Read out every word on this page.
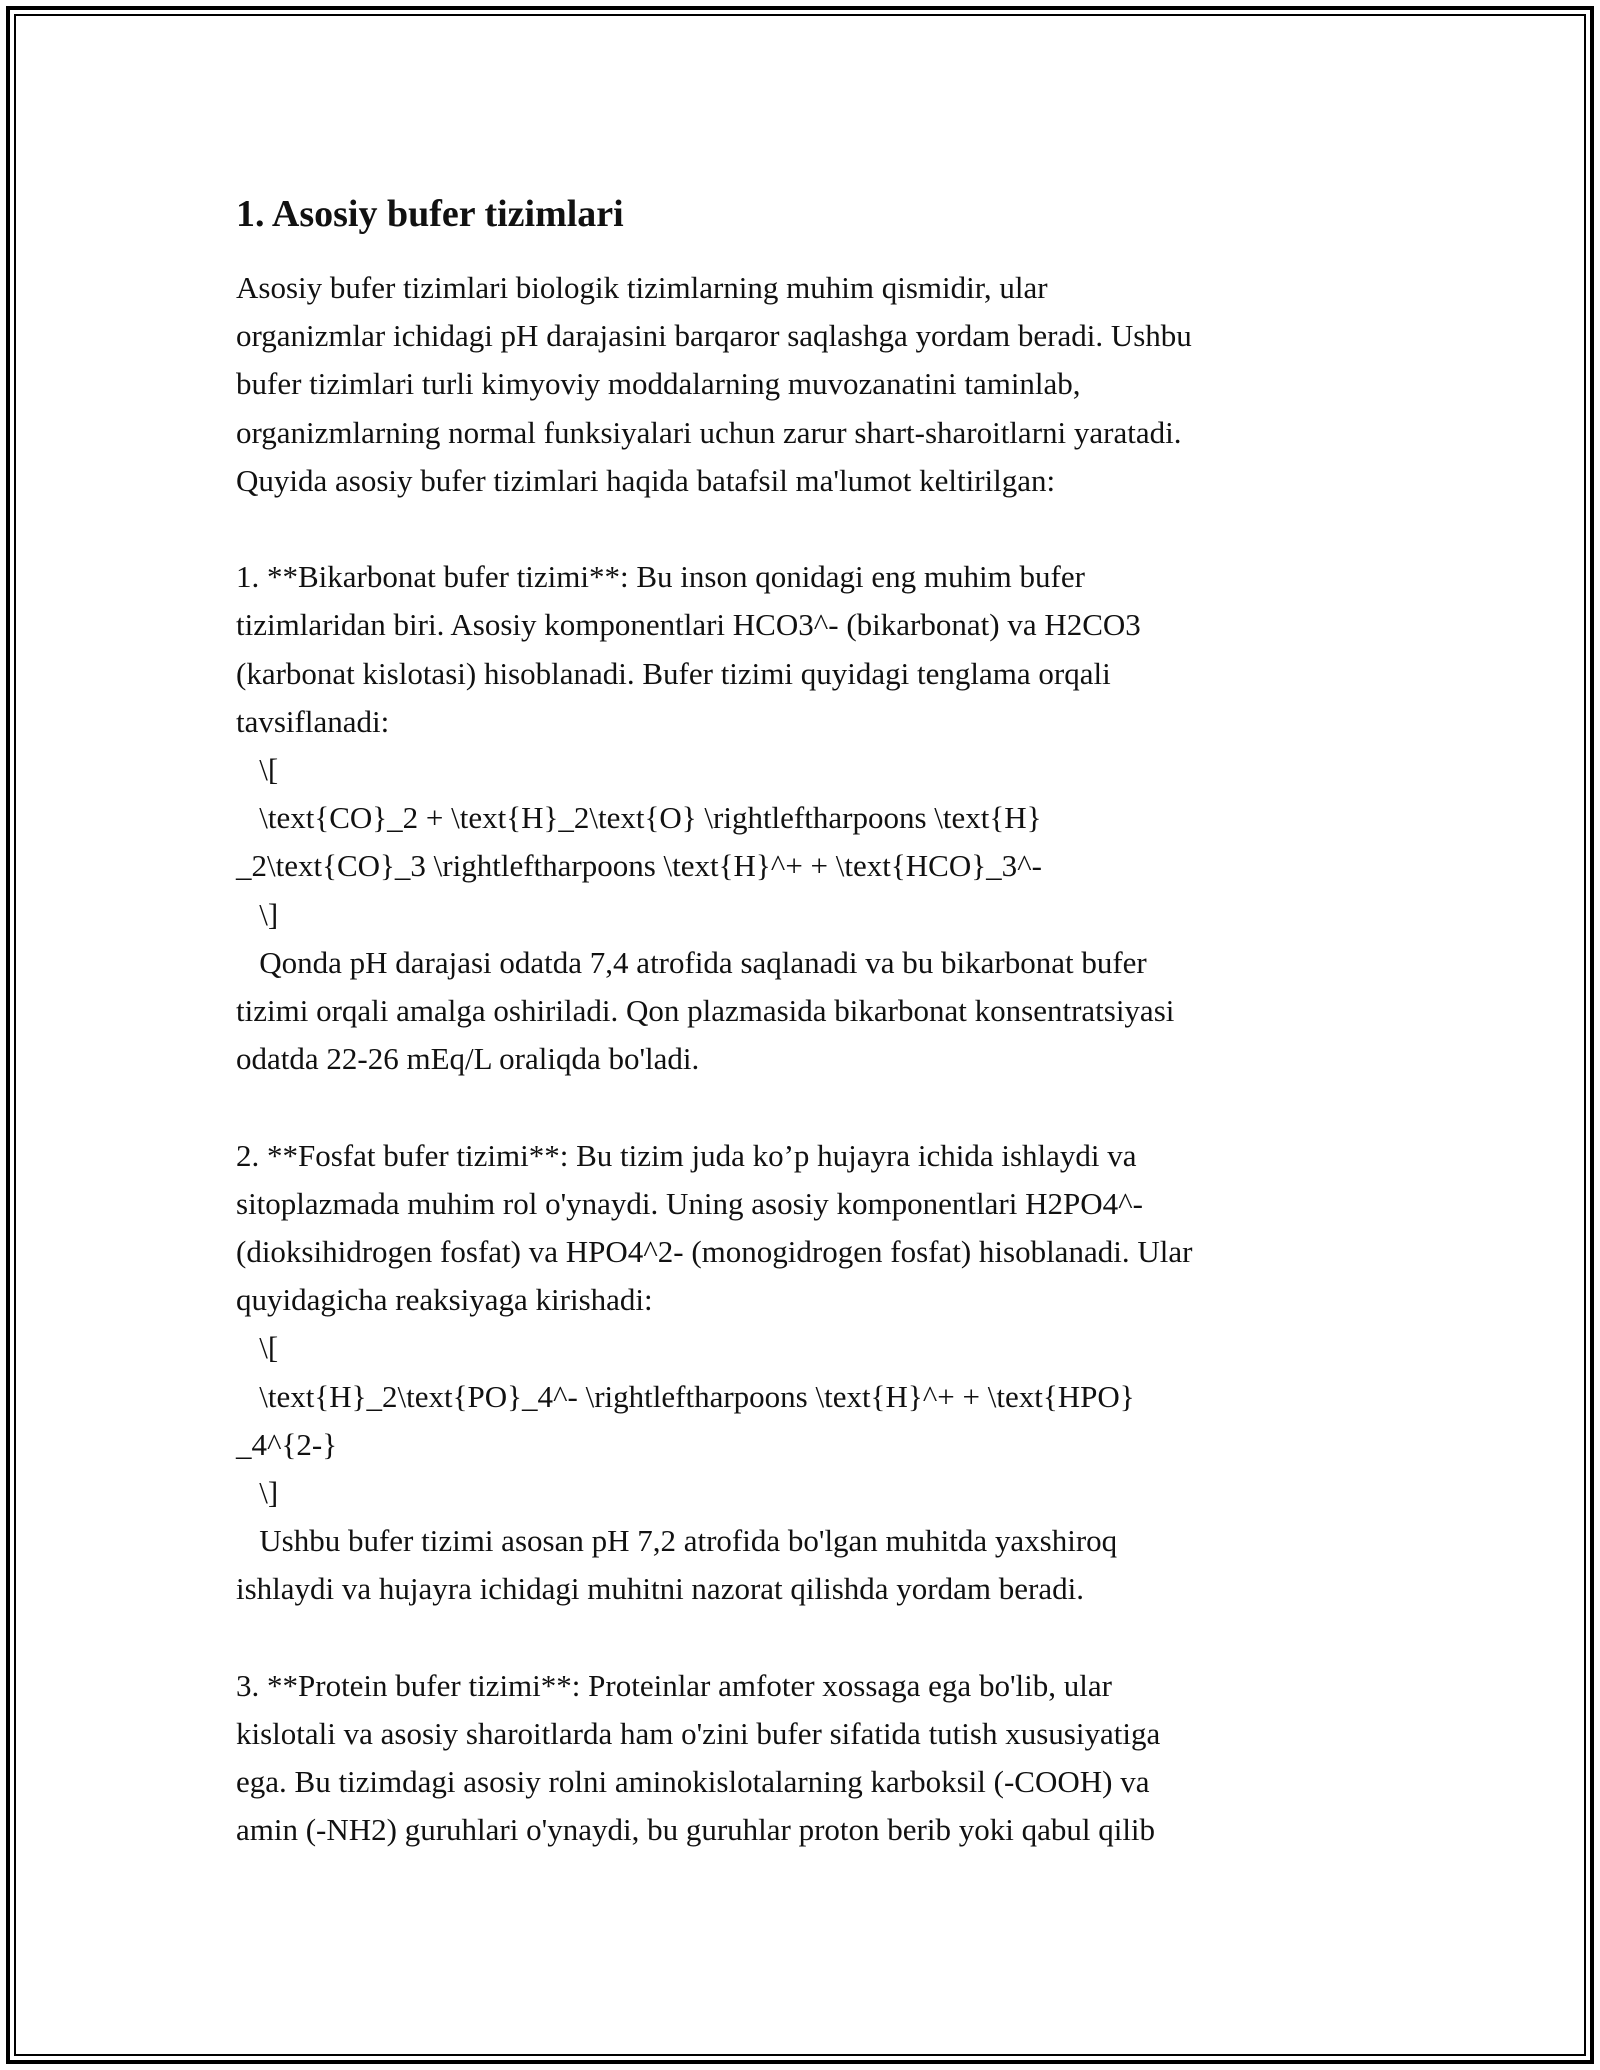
1. Asosiy bufer tizimlari
Asosiy bufer tizimlari biologik tizimlarning muhim qismidir, ular
organizmlar ichidagi pH darajasini barqaror saqlashga yordam beradi. Ushbu
bufer tizimlari turli kimyoviy moddalarning muvozanatini taminlab,
organizmlarning normal funksiyalari uchun zarur shart-sharoitlarni yaratadi.
Quyida asosiy bufer tizimlari haqida batafsil ma'lumot keltirilgan:
1. **Bikarbonat bufer tizimi**: Bu inson qonidagi eng muhim bufer
tizimlaridan biri. Asosiy komponentlari HCO3^- (bikarbonat) va H2CO3
(karbonat kislotasi) hisoblanadi. Bufer tizimi quyidagi tenglama orqali
tavsiflanadi:
\[
\text{CO}_2 + \text{H}_2\text{O} \rightleftharpoons \text{H}
_2\text{CO}_3 \rightleftharpoons \text{H}^+ + \text{HCO}_3^-
\]
Qonda pH darajasi odatda 7,4 atrofida saqlanadi va bu bikarbonat bufer
tizimi orqali amalga oshiriladi. Qon plazmasida bikarbonat konsentratsiyasi
odatda 22-26 mEq/L oraliqda bo'ladi.
2. **Fosfat bufer tizimi**: Bu tizim juda ko’p hujayra ichida ishlaydi va
sitoplazmada muhim rol o'ynaydi. Uning asosiy komponentlari H2PO4^-
(dioksihidrogen fosfat) va HPO4^2- (monogidrogen fosfat) hisoblanadi. Ular
quyidagicha reaksiyaga kirishadi:
\[
\text{H}_2\text{PO}_4^- \rightleftharpoons \text{H}^+ + \text{HPO}
_4^{2-}
\]
Ushbu bufer tizimi asosan pH 7,2 atrofida bo'lgan muhitda yaxshiroq
ishlaydi va hujayra ichidagi muhitni nazorat qilishda yordam beradi.
3. **Protein bufer tizimi**: Proteinlar amfoter xossaga ega bo'lib, ular
kislotali va asosiy sharoitlarda ham o'zini bufer sifatida tutish xususiyatiga
ega. Bu tizimdagi asosiy rolni aminokislotalarning karboksil (-COOH) va
amin (-NH2) guruhlari o'ynaydi, bu guruhlar proton berib yoki qabul qilib
